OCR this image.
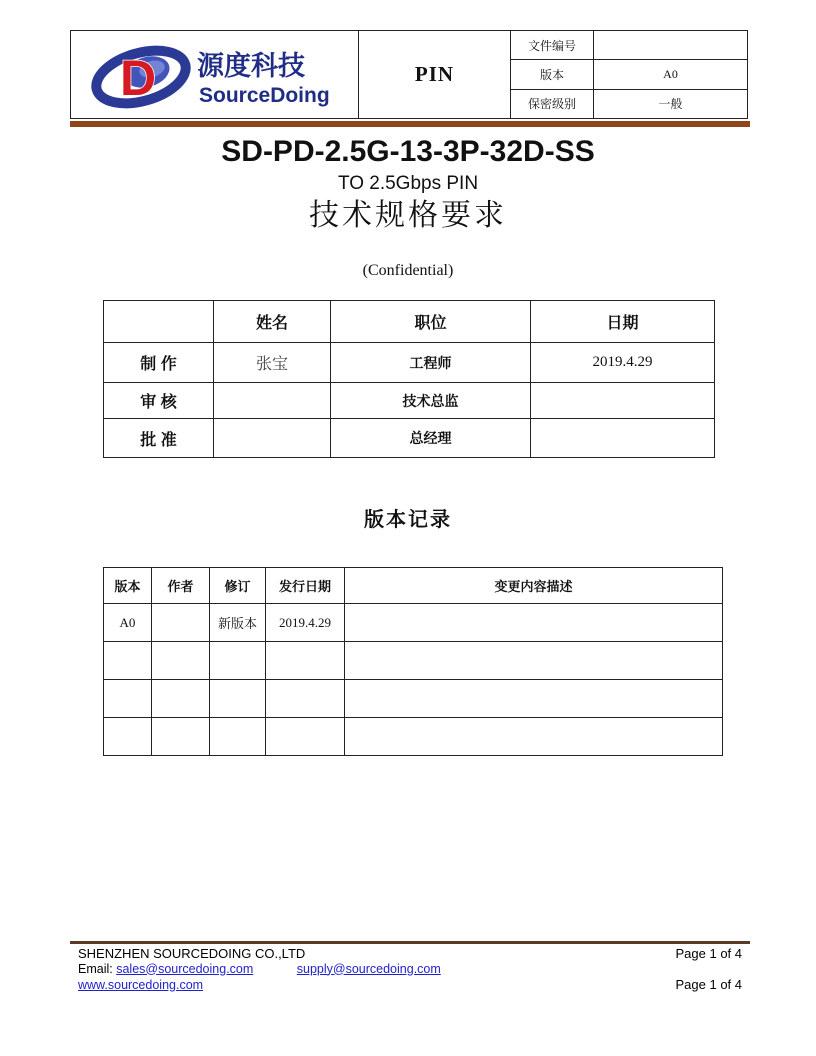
D 源度科技
SourceDoing
PIN
文件编号
版本	A0
保密级别	一般
SD-PD-2.5G-13-3P-32D-SS
TO 2.5Gbps PIN
技术规格要求
(Confidential)
	姓名	职位	日期
制 作	张宝	工程师	2019.4.29
审 核		技术总监	
批 准		总经理	
版本记录
版本	作者	修订	发行日期	变更内容描述
A0		新版本	2019.4.29	

SHENZHEN SOURCEDOING CO.,LTD	Page 1 of 4
Email: sales@sourcedoing.com	supply@sourcedoing.com
www.sourcedoing.com	Page 1 of 4
